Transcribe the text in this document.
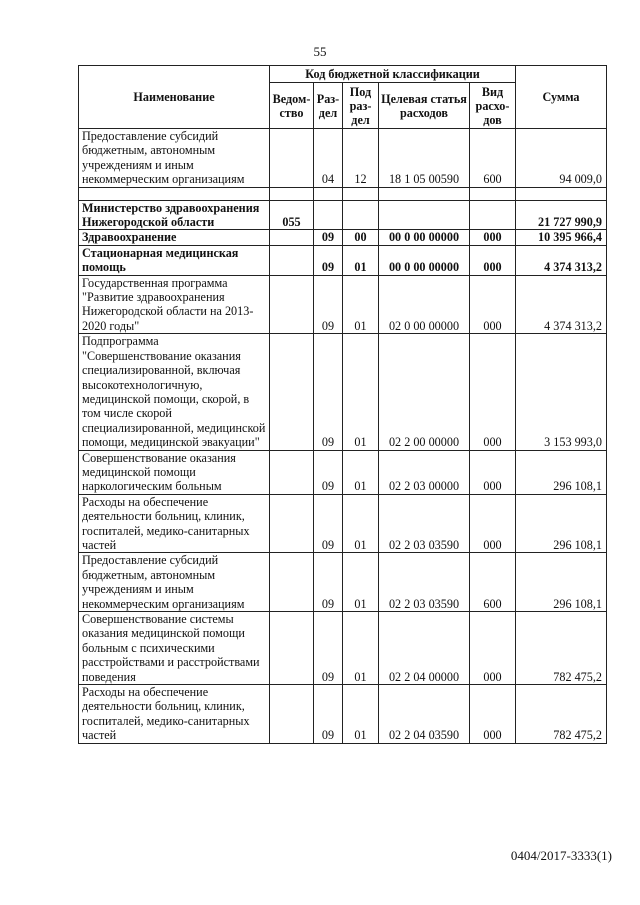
55
Наименование	Код бюджетной классификации					Сумма
	Ведом-ство	Раз-дел	Под раз-дел	Целевая статья расходов	Вид расхо-дов	
Предоставление субсидий бюджетным, автономным учреждениям и иным некоммерческим организациям		04	12	18 1 05 00590	600	94 009,0

Министерство здравоохранения Нижегородской области	055					21 727 990,9
Здравоохранение		09	00	00 0 00 00000	000	10 395 966,4
Стационарная медицинская помощь		09	01	00 0 00 00000	000	4 374 313,2
Государственная программа "Развитие здравоохранения Нижегородской области на 2013-2020 годы"		09	01	02 0 00 00000	000	4 374 313,2
Подпрограмма "Совершенствование оказания специализированной, включая высокотехнологичную, медицинской помощи, скорой, в том числе скорой специализированной, медицинской помощи, медицинской эвакуации"		09	01	02 2 00 00000	000	3 153 993,0
Совершенствование оказания медицинской помощи наркологическим больным		09	01	02 2 03 00000	000	296 108,1
Расходы на обеспечение деятельности больниц, клиник, госпиталей, медико-санитарных частей		09	01	02 2 03 03590	000	296 108,1
Предоставление субсидий бюджетным, автономным учреждениям и иным некоммерческим организациям		09	01	02 2 03 03590	600	296 108,1
Совершенствование системы оказания медицинской помощи больным с психическими расстройствами и расстройствами поведения		09	01	02 2 04 00000	000	782 475,2
Расходы на обеспечение деятельности больниц, клиник, госпиталей, медико-санитарных частей		09	01	02 2 04 03590	000	782 475,2
0404/2017-3333(1)
